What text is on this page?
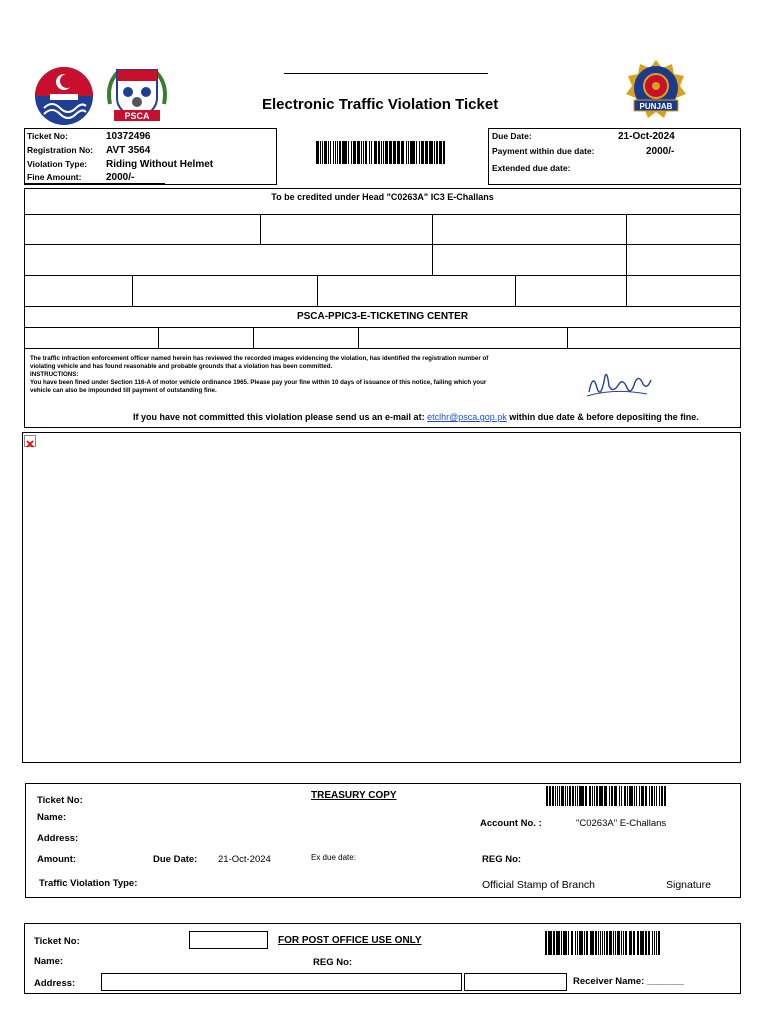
PSCA
Electronic Traffic Violation Ticket	PUNJAB
Ticket No:	10372496
Registration No: AVT 3564
Violation Type: Riding Without Helmet
Fine Amount: 2000/-
Due Date:	21-Oct-2024
Payment within due date:	2000/-
Extended due date:
To be credited under Head "C0263A" IC3 E-Challans
PSCA-PPIC3-E-TICKETING CENTER
The traffic infraction enforcement officer named herein has reviewed the recorded images evidencing the violation, has identified the registration number of
violating vehicle and has found reasonable and probable grounds that a violation has been committed.
INSTRUCTIONS:
You have been fined under Section 116-A of motor vehicle ordinance 1965. Please pay your fine within 10 days of issuance of this notice, failing which your
vehicle can also be impounded till payment of outstanding fine.
If you have not committed this violation please send us an e-mail at: etclhr@psca.gop.pk within due date & before depositing the fine.
Ticket No:	TREASURY COPY
Name:
Account No. :	"C0263A" E-Challans
Address:
Amount:	Due Date: 21-Oct-2024	Ex due date:	REG No:
Traffic Violation Type:	Official Stamp of Branch	Signature
Ticket No:	FOR POST OFFICE USE ONLY
Name:	REG No:
Address:	Receiver Name: _______
